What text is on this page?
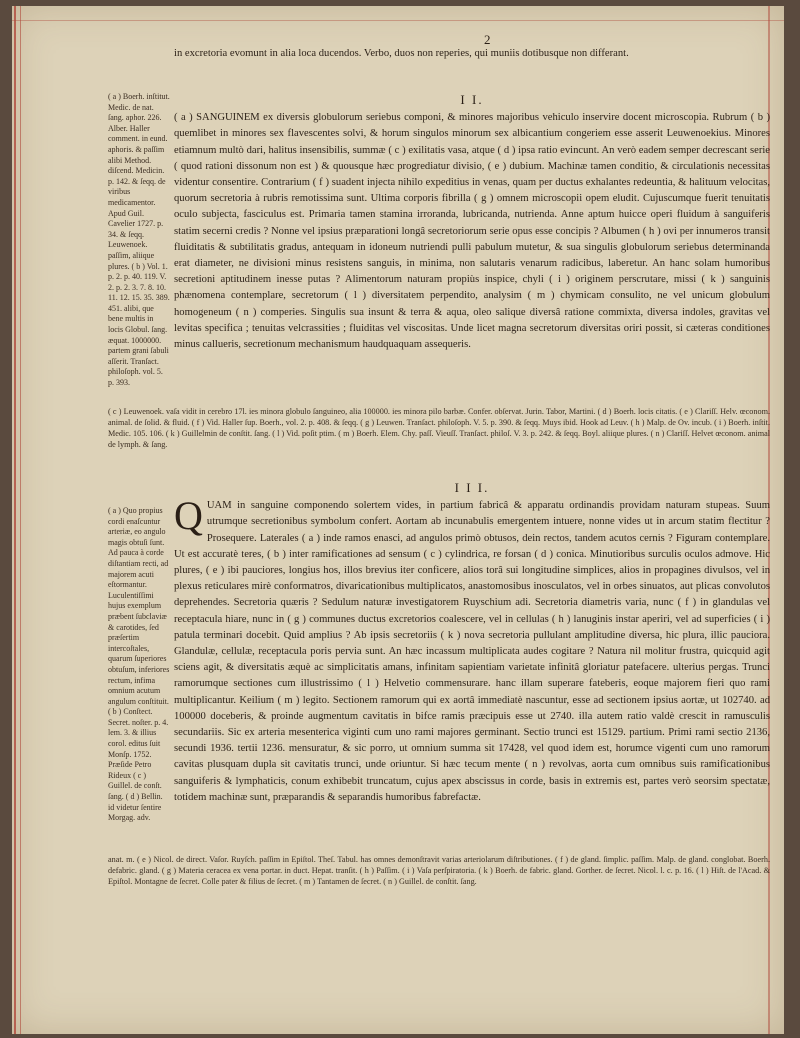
2

in excretoria evomunt in alia loca ducendos. Verbo, duos non reperies, qui muniis dotibusque non differant.

( a ) Boerh. inſtitut. Medic. de nat. ſang. aphor. 226. Alber. Haller comment. in eund. aphoris. & paſſim alibi Method. diſcend. Medicin. p. 142. & ſeqq. de viribus medicamentor. Apud Guil. Cavelier 1727. p. 34. & ſeqq. Leuwenoek. paſſim, aliique plures. ( b ) Vol. 1. p. 2. p. 40. 119. V. 2. p. 2. 3. 7. 8. 10. 11. 12. 15. 35. 389. 451. alibi, que bene multis in locis Globul. ſang. æquat. 1000000. partem grani ſabuli aſſerit. Tranſact. philoſoph. vol. 5. p. 393.
I I.

( a ) SANGUINEM ex diversis globulorum seriebus componi, & minores majoribus vehiculo inservire docent microscopia. Rubrum ( b ) quemlibet in minores sex flavescentes solvi, & horum singulos minorum sex albicantium congeriem esse asserit Leuwenoekius. Minores etiamnum multò dari, halitus insensibilis, summæ ( c ) exilitatis vasa, atque ( d ) ipsa ratio evincunt. An verò eadem semper decrescant serie ( quod rationi dissonum non est ) & quousque hæc progrediatur divisio, ( e ) dubium. Machinæ tamen conditio, & circulationis necessitas videntur consentire. Contrarium ( f ) suadent injecta nihilo expeditius in venas, quam per ductus exhalantes redeuntia, & halituum velocitas, quorum secretoria à rubris remotissima sunt. Ultima corporis fibrilla ( g ) omnem microscopii opem eludit. Cujuscumque fuerit tenuitatis oculo subjecta, fasciculus est. Primaria tamen stamina irroranda, lubricanda, nutrienda. Anne aptum huicce operi fluidum à sanguiferis statim secerni credis ? Nonne vel ipsius præparationi longâ secretoriorum serie opus esse concipis ? Albumen ( h ) ovi per innumeros transit fluiditatis & subtilitatis gradus, antequam in idoneum nutriendi pulli pabulum mutetur, & sua singulis globulorum seriebus determinanda erat diameter, ne divisioni minus resistens sanguis, in minima, non salutaris venarum radicibus, laberetur. An hanc solam humoribus secretioni aptitudinem inesse putas ? Alimentorum naturam propiùs inspice, chyli ( i ) originem perscrutare, missi ( k ) sanguinis phænomena contemplare, secretorum ( l ) diversitatem perpendito, analysim ( m ) chymicam consulito, ne vel unicum globulum homogeneum ( n ) comperies. Singulis sua insunt & terra & aqua, oleo salique diversâ ratione commixta, diversa indoles, gravitas vel levitas specifica ; tenuitas velcrassities ; fluiditas vel viscositas. Unde licet magna secretorum diversitas oriri possit, si cæteras conditiones minus callueris, secretionum mechanismum haudquaquam assequeris.

( c ) Leuwenoek. vaſa vidit in cerebro 17l. ies minora globulo ſanguineo, alia 100000. ies minora pilo barbæ. Confer. obſervat. Jurin. Tabor, Martini. ( d ) Boerh. locis citatis. ( e ) Clariſſ. Helv. œconom. animal. de ſolid. & fluid. ( f ) Vid. Haller ſup. Boerh., vol. 2. p. 408. & ſeqq. ( g ) Leuwen. Tranſact. philoſoph. V. 5. p. 390. & ſeqq. Muys ibid. Hook ad Leuv. ( h ) Malp. de Ov. incub. ( i ) Boerh. inſtit. Medic. 105. 106. ( k ) Guillelmin de conſtit. ſang. ( l ) Vid. poſit ptim. ( m ) Boerh. Elem. Chy. paſſ. Vieuſſ. Tranſact. philoſ. V. 3. p. 242. & ſeqq. Boyl. aliique plures. ( n ) Clariſſ. Helvet œconom. animal de lymph. & ſang.
( a ) Quo propius cordi enaſcuntur arteriæ, eo angulo magis obtuſi ſunt. Ad pauca à corde diſtantiam recti, ad majorem acuti eſtormantur. Luculentiſſimi hujus exemplum præbent ſubclaviæ & carotides, ſed præſertim intercoſtales, quarum ſuperiores obtuſum, inferiores rectum, infima omnium acutum angulum conſtituit. ( b ) Conſtect. Secret. noſter. p. 4. lem. 3. & illius corol. editus ſuit Monſp. 1752. Præſide Petro Rideux ( c ) Guillel. de conſt. ſang. ( d ) Bellin. id videtur ſentire Morgag. adv.
I I I.
Q UAM in sanguine componendo solertem vides, in partium fabricâ & apparatu ordinandis providam naturam stupeas. Suum utrumque secretionibus symbolum confert. Aortam ab incunabulis emergentem intuere, nonne vides ut in arcum statim flectitur ? Prosequere. Laterales ( a ) inde ramos enasci, ad angulos primò obtusos, dein rectos, tandem acutos cernis ? Figuram contemplare. Ut est accuratè teres, ( b ) inter ramificationes ad sensum ( c ) cylindrica, re forsan ( d ) conica. Minutioribus surculis oculos admove. Hic plures, ( e ) ibi pauciores, longius hos, illos brevius iter conficere, alios torâ sui longitudine simplices, alios in propagines divulsos, vel in plexus reticulares mirè conformatros, divaricationibus multiplicatos, anastomosibus inosculatos, vel in orbes sinuatos, aut plicas convolutos deprehendes. Secretoria quæris ? Sedulum naturæ investigatorem Ruyschium adi. Secretoria diametris varia, nunc ( f ) in glandulas vel receptacula hiare, nunc in ( g ) communes ductus excretorios coalescere, vel in cellulas ( h ) lanuginis instar aperiri, vel ad superficies ( i ) patula terminari docebit. Quid amplius ? Ab ipsis secretoriis ( k ) nova secretoria pullulant amplitudine diversa, hic plura, illic pauciora. Glandulæ, cellulæ, receptacula poris pervia sunt. An hæc incassum multiplicata audes cogitare ? Natura nil molitur frustra, quicquid agit sciens agit, & diversitatis æquè ac simplicitatis amans, infinitam sapientiam varietate infinitâ gloriatur patefacere. ulterius pergas. Trunci ramorumque sectiones cum illustrissimo ( l ) Helvetio commensurare. hanc illam superare fateberis, eoque majorem fieri quo rami multiplicantur. Keilium ( m ) legito. Sectionem ramorum qui ex aortâ immediatè nascuntur, esse ad sectionem ipsius aortæ, ut 102740. ad 100000 doceberis, & proinde augmentum cavitatis in bifce ramis præcipuis esse ut 2740. illa autem ratio valdè crescit in ramusculis secundariis. Sic ex arteria mesenterica viginti cum uno rami majores germinant. Sectio trunci est 15129. partium. Primi rami sectio 2136, secundi 1936. tertii 1236. mensuratur, & sic porro, ut omnium summa sit 17428, vel quod idem est, horumce vigenti cum uno ramorum cavitas plusquam dupla sit cavitatis trunci, unde oriuntur. Si hæc tecum mente ( n ) revolvas, aorta cum omnibus suis ramificationibus sanguiferis & lymphaticis, conum exhibebit truncatum, cujus apex abscissus in corde, basis in extremis est, partes verò seorsim spectatæ, totidem machinæ sunt, præparandis & separandis humoribus fabrefactæ.

anat. m. ( e ) Nicol. de direct. Vaſor. Ruyſch. paſſim in Epiſtol. Theſ. Tabul. has omnes demonſtravit varias arteriolarum diſtributiones. ( f ) de gland. ſimplic. paſſim. Malp. de gland. conglobat. Boerh. defabric. gland. ( g ) Materia ceracea ex vena portar. in duct. Hepat. tranſit. ( h ) Paſſim. ( i ) Vaſa perſpiratoria. ( k ) Boerh. de fabric. gland. Gorther. de ſecret. Nicol. l. c. p. 16. ( l ) Hiſt. de l'Acad. & Epiſtol. Montagne de ſecret. Colle pater & filius de ſecret. ( m ) Tantamen de ſecret. ( n ) Guillel. de conſtit. ſang.
